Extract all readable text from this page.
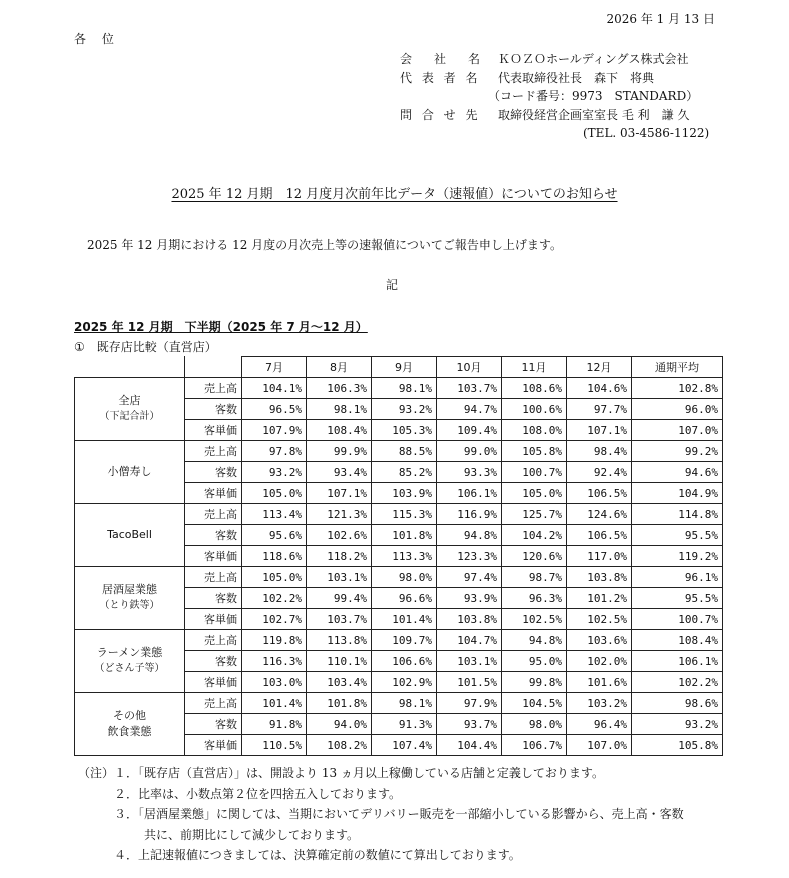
2026 年 1 月 13 日
各 位
会　社　名	ＫＯＺＯホールディングス株式会社
代 表 者 名	代表取締役社長　森下　将典
（コード番号：9973　STANDARD）
問 合 せ 先	取締役経営企画室室長 毛 利　謙 久
(TEL. 03-4586-1122)
2025 年 12 月期　12 月度月次前年比データ（速報値）についてのお知らせ
2025 年 12 月期における 12 月度の月次売上等の速報値についてご報告申し上げます。
記
2025 年 12 月期　下半期（2025 年 7 月～12 月）
①　既存店比較（直営店）
		7月	8月	9月	10月	11月	12月	通期平均

全店
（下記合計）	売上高	104.1%	106.3%	98.1%	103.7%	108.6%	104.6%	102.8%
	客数	96.5%	98.1%	93.2%	94.7%	100.6%	97.7%	96.0%
	客単価	107.9%	108.4%	105.3%	109.4%	108.0%	107.1%	107.0%

小僧寿し	売上高	97.8%	99.9%	88.5%	99.0%	105.8%	98.4%	99.2%
	客数	93.2%	93.4%	85.2%	93.3%	100.7%	92.4%	94.6%
	客単価	105.0%	107.1%	103.9%	106.1%	105.0%	106.5%	104.9%

TacoBell	売上高	113.4%	121.3%	115.3%	116.9%	125.7%	124.6%	114.8%
	客数	95.6%	102.6%	101.8%	94.8%	104.2%	106.5%	95.5%
	客単価	118.6%	118.2%	113.3%	123.3%	120.6%	117.0%	119.2%

居酒屋業態
（とり鉄等）	売上高	105.0%	103.1%	98.0%	97.4%	98.7%	103.8%	96.1%
	客数	102.2%	99.4%	96.6%	93.9%	96.3%	101.2%	95.5%
	客単価	102.7%	103.7%	101.4%	103.8%	102.5%	102.5%	100.7%

ラーメン業態
（どさん子等）	売上高	119.8%	113.8%	109.7%	104.7%	94.8%	103.6%	108.4%
	客数	116.3%	110.1%	106.6%	103.1%	95.0%	102.0%	106.1%
	客単価	103.0%	103.4%	102.9%	101.5%	99.8%	101.6%	102.2%

その他
飲食業態	売上高	101.4%	101.8%	98.1%	97.9%	104.5%	103.2%	98.6%
	客数	91.8%	94.0%	91.3%	93.7%	98.0%	96.4%	93.2%
	客単価	110.5%	108.2%	107.4%	104.4%	106.7%	107.0%	105.8%
（注）１．「既存店（直営店）」は、開設より 13 ヵ月以上稼働している店舗と定義しております。
　　　２．比率は、小数点第２位を四捨五入しております。
　　　３．「居酒屋業態」に関しては、当期においてデリバリー販売を一部縮小している影響から、売上高・客数
共に、前期比にして減少しております。
　　　４．上記速報値につきましては、決算確定前の数値にて算出しております。
